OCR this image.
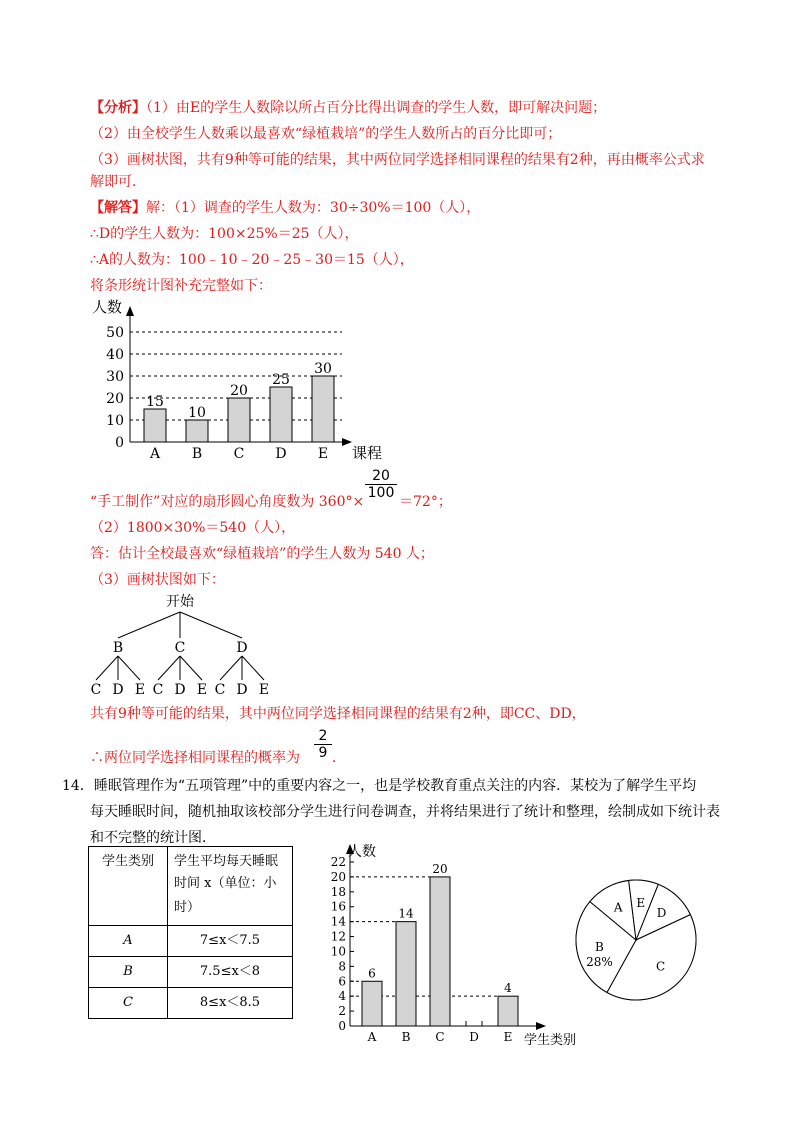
【分析】（1）由E的学生人数除以所占百分比得出调查的学生人数，即可解决问题；
（2）由全校学生人数乘以最喜欢“绿植栽培”的学生人数所占的百分比即可；
（3）画树状图，共有9种等可能的结果，其中两位同学选择相同课程的结果有2种，再由概率公式求
解即可．
【解答】解：（1）调查的学生人数为：30÷30%＝100（人），
∴D的学生人数为：100×25%＝25（人），
∴A的人数为：100﹣10﹣20﹣25﹣30＝15（人），
将条形统计图补充完整如下：
0
10
20
30
40
50
人数
课程
15
A
10
B
20
C
25
D
30
E
“手工制作”对应的扇形圆心角度数为 360°×
$\frac{20}{100}$
＝72°；
（2）1800×30%＝540（人），
答：估计全校最喜欢“绿植栽培”的学生人数为 540 人；
（3）画树状图如下：
开始
B	C	D
C D E C D E C D E
共有9种等可能的结果，其中两位同学选择相同课程的结果有2种，即CC、DD，
∴两位同学选择相同课程的概率为 $\frac{2}{9}$ ．
14．睡眠管理作为“五项管理”中的重要内容之一，也是学校教育重点关注的内容．某校为了解学生平均
每天睡眠时间，随机抽取该校部分学生进行问卷调查，并将结果进行了统计和整理，绘制成如下统计表
和不完整的统计图．
学生类别	学生平均每天睡眠
时间 x（单位：小
时）

A	7≤x＜7.5
B	7.5≤x＜8
C	8≤x＜8.5
0
2
4
6
8
10
12
14
16
18
20
22
人数
学生类别
6
A
14
B
20
C D
4
E
A
B
C
D
E
28%
